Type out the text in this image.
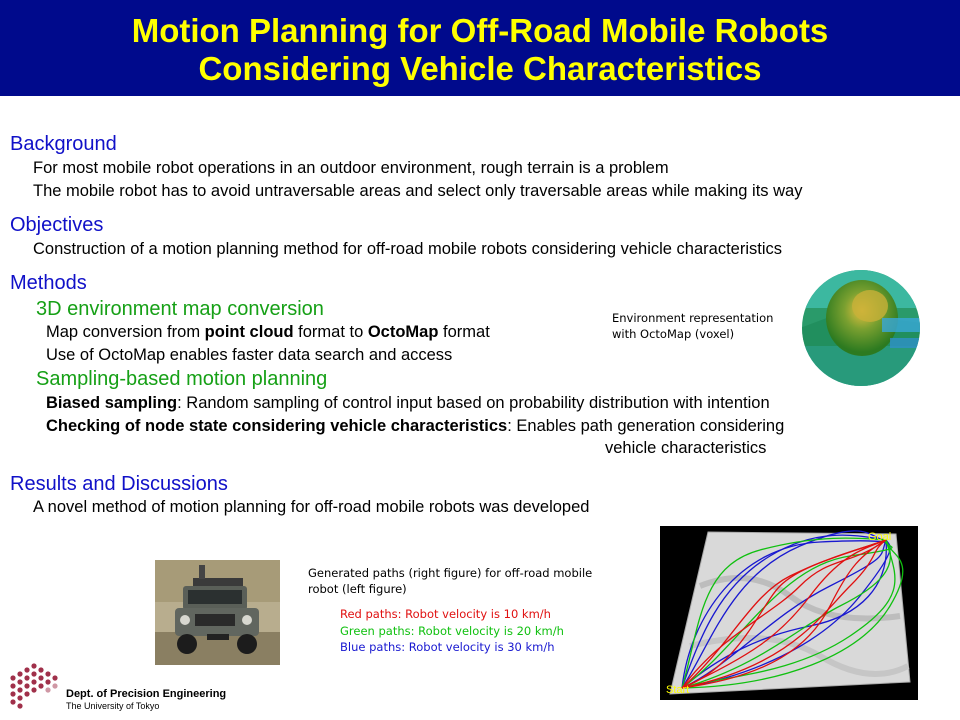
Motion Planning for Off-Road Mobile Robots
Considering Vehicle Characteristics
Background
For most mobile robot operations in an outdoor environment, rough terrain is a problem
The mobile robot has to avoid untraversable areas and select only traversable areas while making its way
Objectives
Construction of a motion planning method for off-road mobile robots considering vehicle characteristics
Methods
3D environment map conversion
Map conversion from point cloud format to OctoMap format
Use of OctoMap enables faster data search and access
Environment representation
with OctoMap (voxel)
Sampling-based motion planning
Biased sampling: Random sampling of control input based on probability distribution with intention
Checking of node state considering vehicle characteristics: Enables path generation considering
vehicle characteristics
Results and Discussions
A novel method of motion planning for off-road mobile robots was developed
Generated paths (right figure) for off-road mobile
robot (left figure)
Red paths: Robot velocity is 10 km/h
Green paths: Robot velocity is 20 km/h
Blue paths: Robot velocity is 30 km/h
Goal
Start
Dept. of Precision Engineering
The University of Tokyo
